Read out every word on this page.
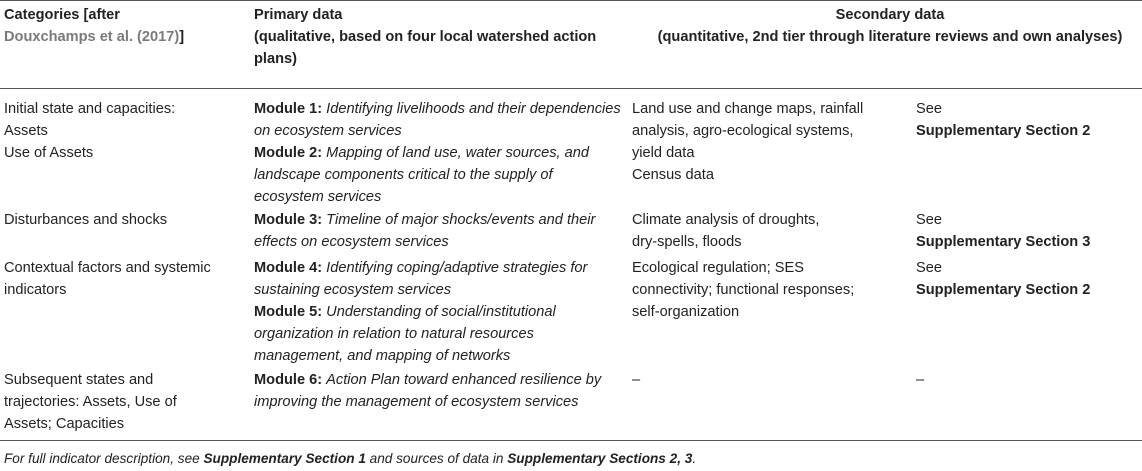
Categories [after
Douxchamps et al. (2017)]
Primary data
(qualitative, based on four local watershed action plans)
Secondary data
(quantitative, 2nd tier through literature reviews and own analyses)
Initial state and capacities:
Assets
Use of Assets
Module 1: Identifying livelihoods and their dependencies on ecosystem services
Module 2: Mapping of land use, water sources, and landscape components critical to the supply of ecosystem services
Land use and change maps, rainfall
analysis, agro-ecological systems,
yield data
Census data
See
Supplementary Section 2
Disturbances and shocks	Module 3: Timeline of major shocks/events and their effects on ecosystem services
Climate analysis of droughts,
dry-spells, floods
See
Supplementary Section 3
Contextual factors and systemic
indicators
Module 4: Identifying coping/adaptive strategies for sustaining ecosystem services
Module 5: Understanding of social/institutional organization in relation to natural resources management, and mapping of networks
Ecological regulation; SES
connectivity; functional responses;
self-organization
See
Supplementary Section 2
Subsequent states and
trajectories: Assets, Use of
Assets; Capacities
Module 6: Action Plan toward enhanced resilience by improving the management of ecosystem services
–	–
For full indicator description, see Supplementary Section 1 and sources of data in Supplementary Sections 2, 3.
